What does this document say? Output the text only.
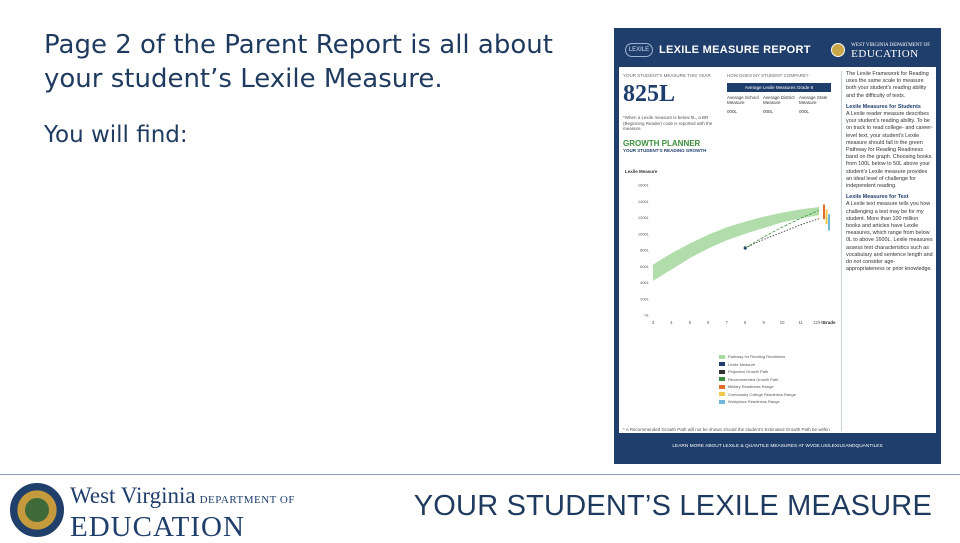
Page 2 of the Parent Report is all about your student’s Lexile Measure.
You will find:
LEXILE LEXILE MEASURE REPORT	WEST VIRGINIA DEPARTMENT OF
EDUCATION
YOUR STUDENT'S MEASURE THIS YEAR
825L
*When a Lexile measure is below 0L, a BR (Beginning Reader) code is reported with the measure.
HOW DOES MY STUDENT COMPARE?
Average Lexile Measures Grade 8
Average School Measure
000L
Average District Measure
000L
Average State Measure
000L
GROWTH PLANNER
YOUR STUDENT'S READING GROWTH
Lexile Measure
1600L
1400L
1200L
1000L
800L
600L
400L
200L
0L
3	4	5	6	7	8	9	10	11 12/HS
Grade
Pathway for Reading Readiness
Lexile Measure
Projected Growth Path
Recommended Growth Path
Military Readiness Range
Community College Readiness Range
Workplace Readiness Range
* A Recommended Growth Path will not be shown should the student's Estimated Growth Path be within
The Lexile Framework for Reading uses the same scale to measure both your student's reading ability and the difficulty of texts.
Lexile Measures for Students
A Lexile reader measure describes your student's reading ability. To be on track to read college- and career-level text, your student's Lexile measure should fall in the green Pathway for Reading Readiness band on the graph. Choosing books from 100L below to 50L above your student's Lexile measure provides an ideal level of challenge for independent reading.
Lexile Measures for Text
A Lexile text measure tells you how challenging a text may be for my student. More than 100 million books and articles have Lexile measures, which range from below 0L to above 1600L. Lexile measures assess text characteristics such as vocabulary and sentence length and do not consider age-appropriateness or prior knowledge.
LEARN MORE ABOUT LEXILE & QUANTILE MEASURES AT WVDE.US/LEXILEANDQUANTILES
West Virginia DEPARTMENT OF
EDUCATION
YOUR STUDENT’S LEXILE MEASURE
